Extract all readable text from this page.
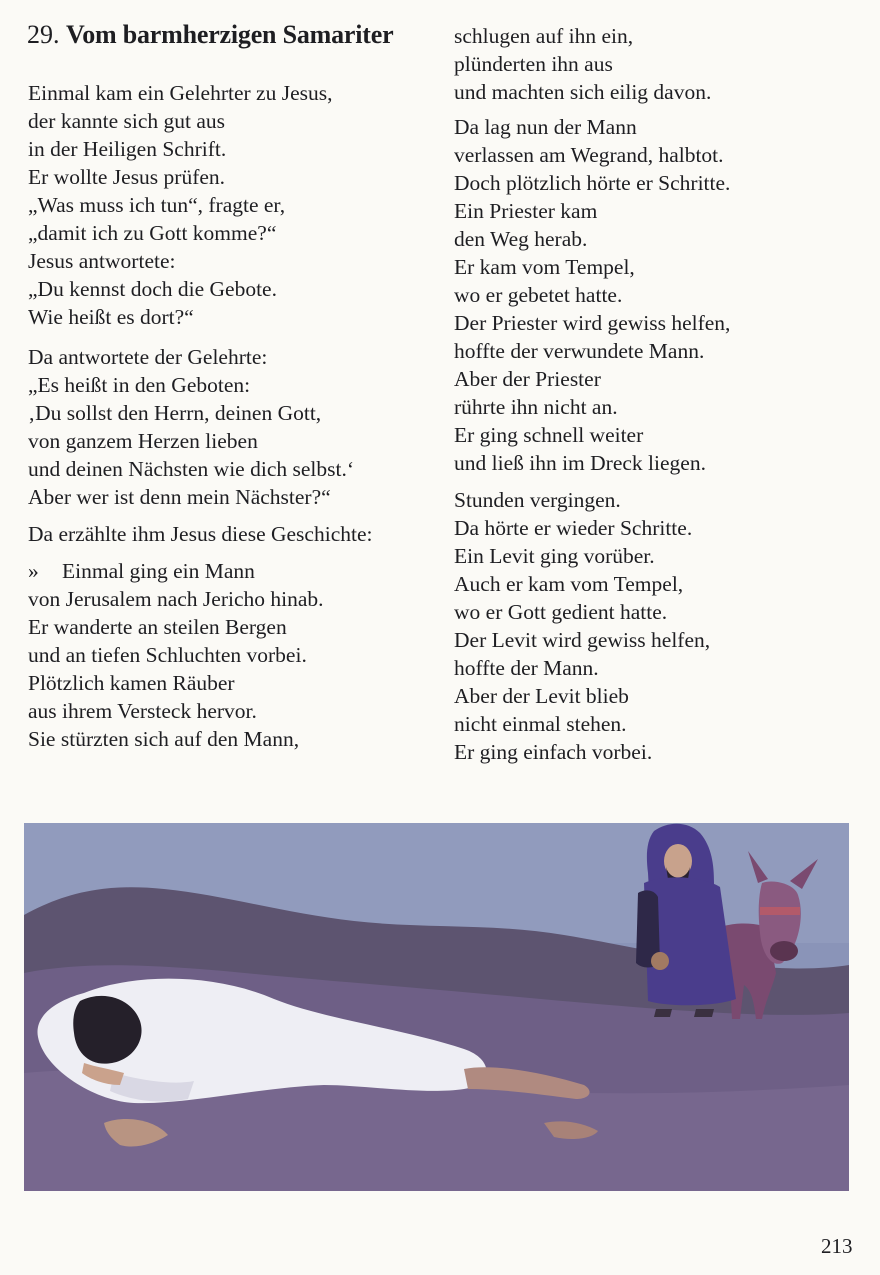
29. Vom barmherzigen Samariter
Einmal kam ein Gelehrter zu Jesus,
der kannte sich gut aus
in der Heiligen Schrift.
Er wollte Jesus prüfen.
„Was muss ich tun“, fragte er,
„damit ich zu Gott komme?“
Jesus antwortete:
„Du kennst doch die Gebote.
Wie heißt es dort?“
Da antwortete der Gelehrte:
„Es heißt in den Geboten:
‚Du sollst den Herrn, deinen Gott,
von ganzem Herzen lieben
und deinen Nächsten wie dich selbst.‘
Aber wer ist denn mein Nächster?“
Da erzählte ihm Jesus diese Geschichte:
» Einmal ging ein Mann
von Jerusalem nach Jericho hinab.
Er wanderte an steilen Bergen
und an tiefen Schluchten vorbei.
Plötzlich kamen Räuber
aus ihrem Versteck hervor.
Sie stürzten sich auf den Mann,
schlugen auf ihn ein,
plünderten ihn aus
und machten sich eilig davon.
Da lag nun der Mann
verlassen am Wegrand, halbtot.
Doch plötzlich hörte er Schritte.
Ein Priester kam
den Weg herab.
Er kam vom Tempel,
wo er gebetet hatte.
Der Priester wird gewiss helfen,
hoffte der verwundete Mann.
Aber der Priester
rührte ihn nicht an.
Er ging schnell weiter
und ließ ihn im Dreck liegen.
Stunden vergingen.
Da hörte er wieder Schritte.
Ein Levit ging vorüber.
Auch er kam vom Tempel,
wo er Gott gedient hatte.
Der Levit wird gewiss helfen,
hoffte der Mann.
Aber der Levit blieb
nicht einmal stehen.
Er ging einfach vorbei.
213
